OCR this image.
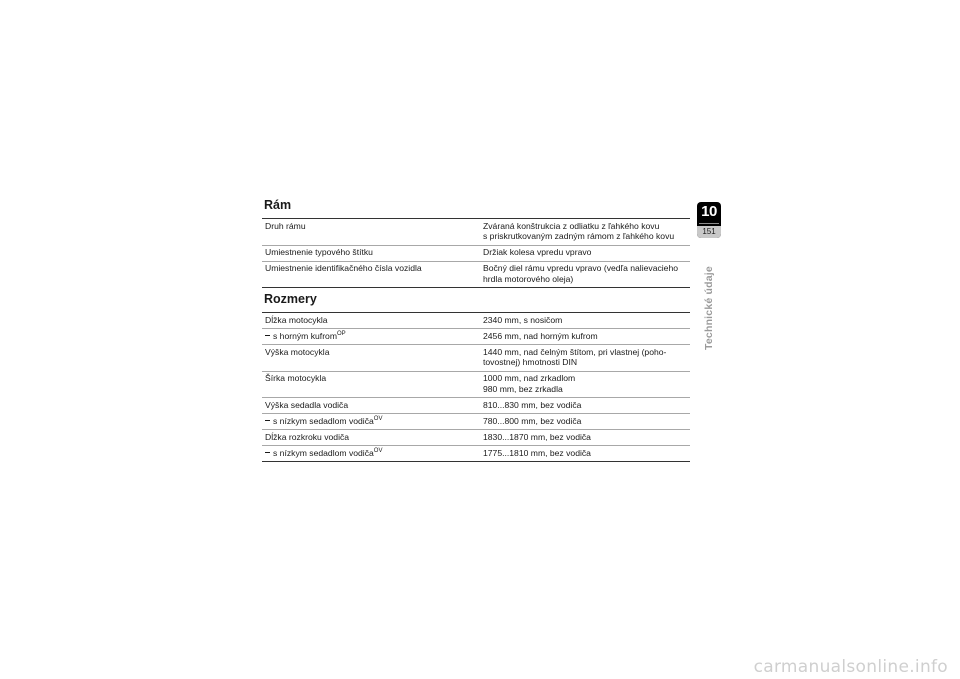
Rám
Druh rámu	Zváraná konštrukcia z odliatku z ľahkého kovu
s priskrutkovaným zadným rámom z ľahkého kovu
Umiestnenie typového štítku	Držiak kolesa vpredu vpravo
Umiestnenie identifikačného čísla vozidla	Bočný diel rámu vpredu vpravo (vedľa nalievacieho
hrdla motorového oleja)
Rozmery
Dĺžka motocykla	2340 mm, s nosičom
s horným kufrom$^{OP}$	2456 mm, nad horným kufrom
Výška motocykla	1440 mm, nad čelným štítom, pri vlastnej (poho-
tovostnej) hmotnosti DIN
Šírka motocykla	1000 mm, nad zrkadlom
980 mm, bez zrkadla
Výška sedadla vodiča	810...830 mm, bez vodiča
s nízkym sedadlom vodiča$^{OV}$	780...800 mm, bez vodiča
Dĺžka rozkroku vodiča	1830...1870 mm, bez vodiča
s nízkym sedadlom vodiča$^{OV}$	1775...1810 mm, bez vodiča
10
151
Technické údaje
carmanualsonline.info
